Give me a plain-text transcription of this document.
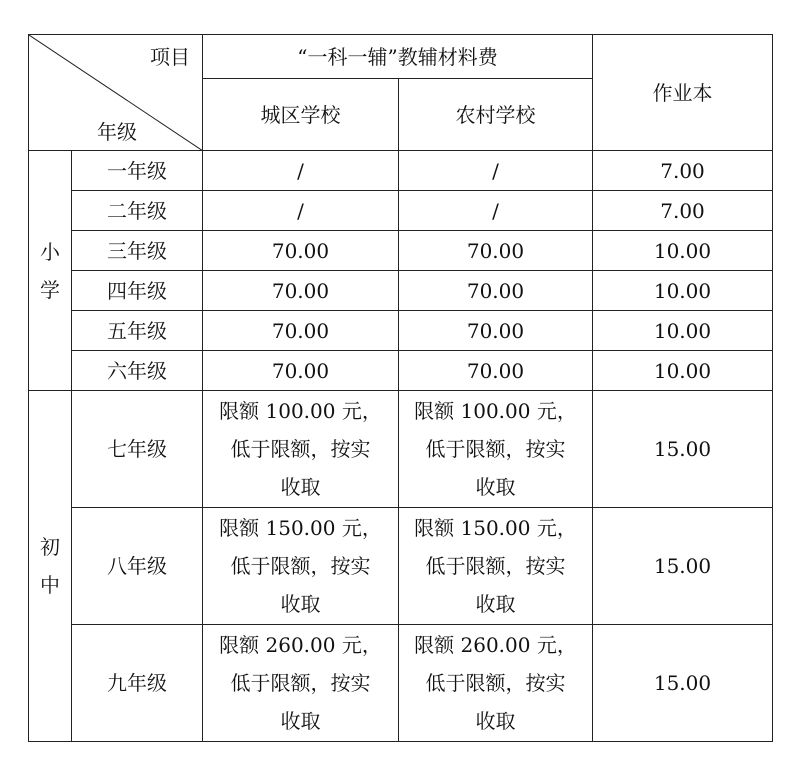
项目
年级		“一科一辅”教辅材料费		作业本
		城区学校	农村学校	

小
学	一年级	/	/	7.00
	二年级	/	/	7.00
	三年级	70.00	70.00	10.00
	四年级	70.00	70.00	10.00
	五年级	70.00	70.00	10.00
	六年级	70.00	70.00	10.00

初
中	七年级	限额 100.00 元，
低于限额，按实
收取	限额 100.00 元，
低于限额，按实
收取	15.00
	八年级	限额 150.00 元，
低于限额，按实
收取	限额 150.00 元，
低于限额，按实
收取	15.00
	九年级	限额 260.00 元，
低于限额，按实
收取	限额 260.00 元，
低于限额，按实
收取	15.00
